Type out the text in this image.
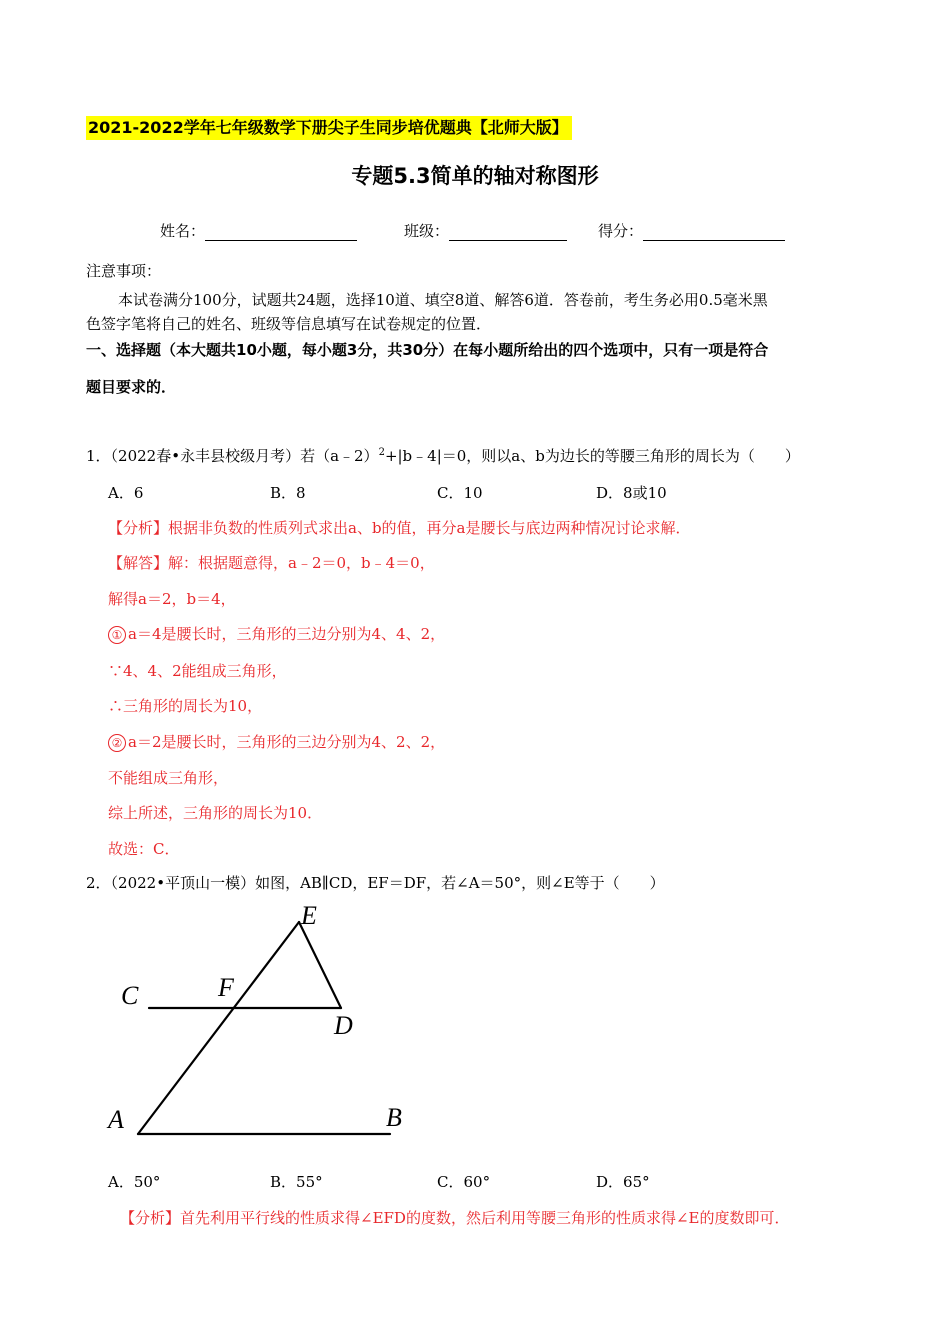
2021-2022学年七年级数学下册尖子生同步培优题典【北师大版】
专题5.3简单的轴对称图形
姓名：	班级：	得分：
注意事项：
本试卷满分100分，试题共24题，选择10道、填空8道、解答6道．答卷前，考生务必用0.5毫米黑
色签字笔将自己的姓名、班级等信息填写在试卷规定的位置．
一、选择题（本大题共10小题，每小题3分，共30分）在每小题所给出的四个选项中，只有一项是符合
题目要求的．
1．（2022春•永丰县校级月考）若（a﹣2）$^2$+|b﹣4|＝0，则以a、b为边长的等腰三角形的周长为（　　）
A．6	B．8	C．10	D．8或10
【分析】根据非负数的性质列式求出a、b的值，再分a是腰长与底边两种情况讨论求解．
【解答】解：根据题意得，a﹣2＝0，b﹣4＝0，
解得a＝2，b＝4，
① a＝4是腰长时，三角形的三边分别为4、4、2，
∵4、4、2能组成三角形，
∴三角形的周长为10，
② a＝2是腰长时，三角形的三边分别为4、2、2，
不能组成三角形，
综上所述，三角形的周长为10．
故选：C．
2．（2022•平顶山一模）如图，AB∥CD，EF＝DF，若∠A＝50°，则∠E等于（　　）
E
C	F
D
A	B
A．50°	B．55°	C．60°	D．65°
【分析】首先利用平行线的性质求得∠EFD的度数，然后利用等腰三角形的性质求得∠E的度数即可．
